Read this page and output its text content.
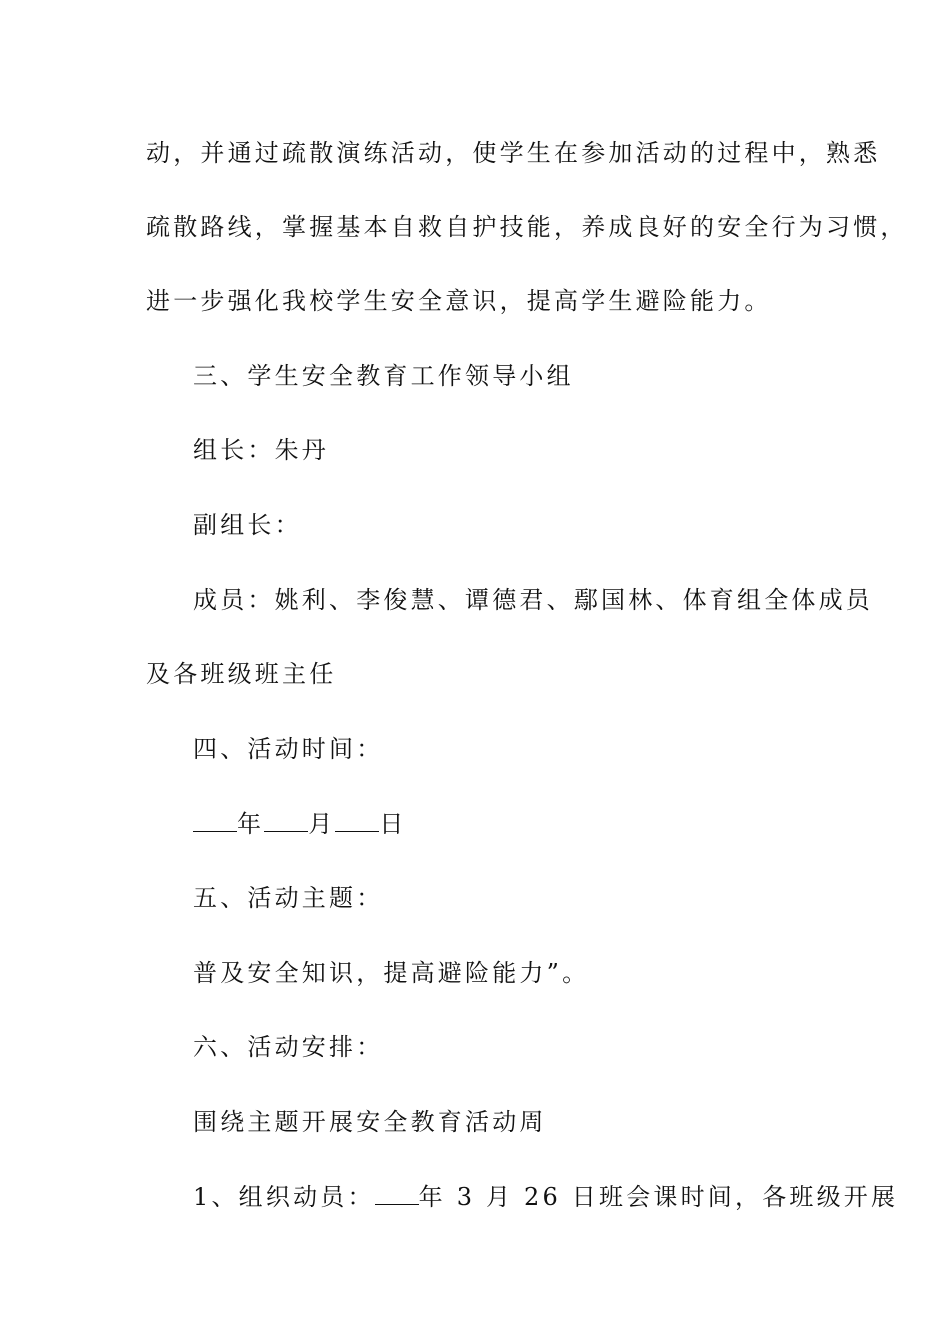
动，并通过疏散演练活动，使学生在参加活动的过程中，熟悉
疏散路线，掌握基本自救自护技能，养成良好的安全行为习惯，
进一步强化我校学生安全意识，提高学生避险能力。
三、学生安全教育工作领导小组
组长：朱丹
副组长：
成员：姚利、李俊慧、谭德君、鄢国林、体育组全体成员
及各班级班主任
四、活动时间：
年 月 日
五、活动主题：
普及安全知识，提高避险能力”。
六、活动安排：
围绕主题开展安全教育活动周
1、组织动员： 年 3 月 26 日班会课时间，各班级开展
